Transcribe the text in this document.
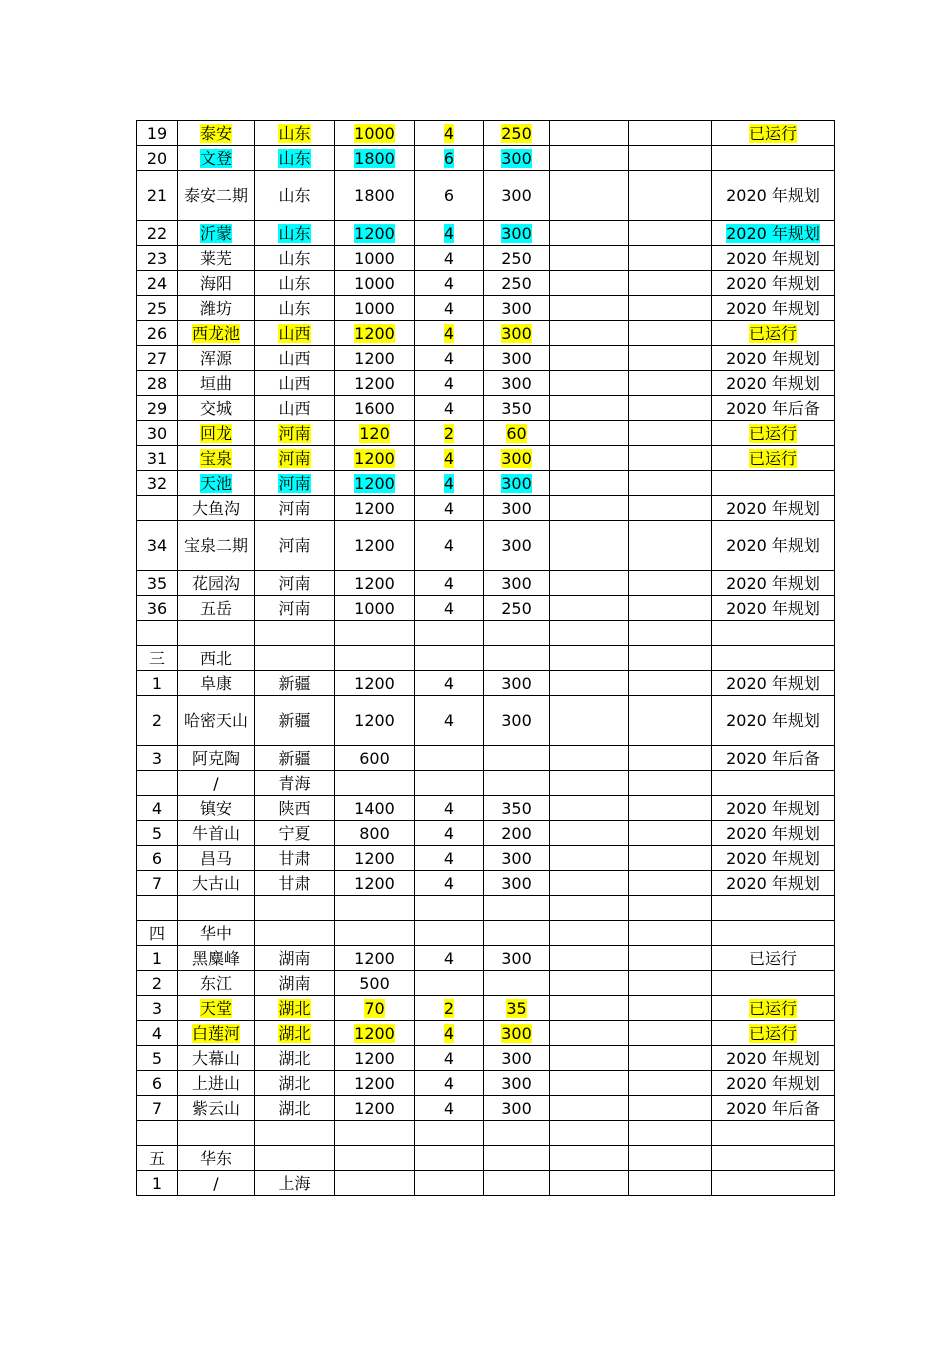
19	泰安	山东	1000	4	250			已运行
20	文登	山东	1800	6	300			
21	泰安二期	山东	1800	6	300			2020 年规划
22	沂蒙	山东	1200	4	300			2020 年规划
23	莱芜	山东	1000	4	250			2020 年规划
24	海阳	山东	1000	4	250			2020 年规划
25	潍坊	山东	1000	4	300			2020 年规划
26	西龙池	山西	1200	4	300			已运行
27	浑源	山西	1200	4	300			2020 年规划
28	垣曲	山西	1200	4	300			2020 年规划
29	交城	山西	1600	4	350			2020 年后备
30	回龙	河南	120	2	60			已运行
31	宝泉	河南	1200	4	300			已运行
32	天池	河南	1200	4	300			
	大鱼沟	河南	1200	4	300			2020 年规划
34	宝泉二期	河南	1200	4	300			2020 年规划
35	花园沟	河南	1200	4	300			2020 年规划
36	五岳	河南	1000	4	250			2020 年规划

三	西北							
1	阜康	新疆	1200	4	300			2020 年规划
2	哈密天山	新疆	1200	4	300			2020 年规划
3	阿克陶	新疆	600					2020 年后备
	/	青海						
4	镇安	陕西	1400	4	350			2020 年规划
5	牛首山	宁夏	800	4	200			2020 年规划
6	昌马	甘肃	1200	4	300			2020 年规划
7	大古山	甘肃	1200	4	300			2020 年规划

四	华中							
1	黑麋峰	湖南	1200	4	300			已运行
2	东江	湖南	500					
3	天堂	湖北	70	2	35			已运行
4	白莲河	湖北	1200	4	300			已运行
5	大幕山	湖北	1200	4	300			2020 年规划
6	上进山	湖北	1200	4	300			2020 年规划
7	紫云山	湖北	1200	4	300			2020 年后备

五	华东							
1	/	上海						
